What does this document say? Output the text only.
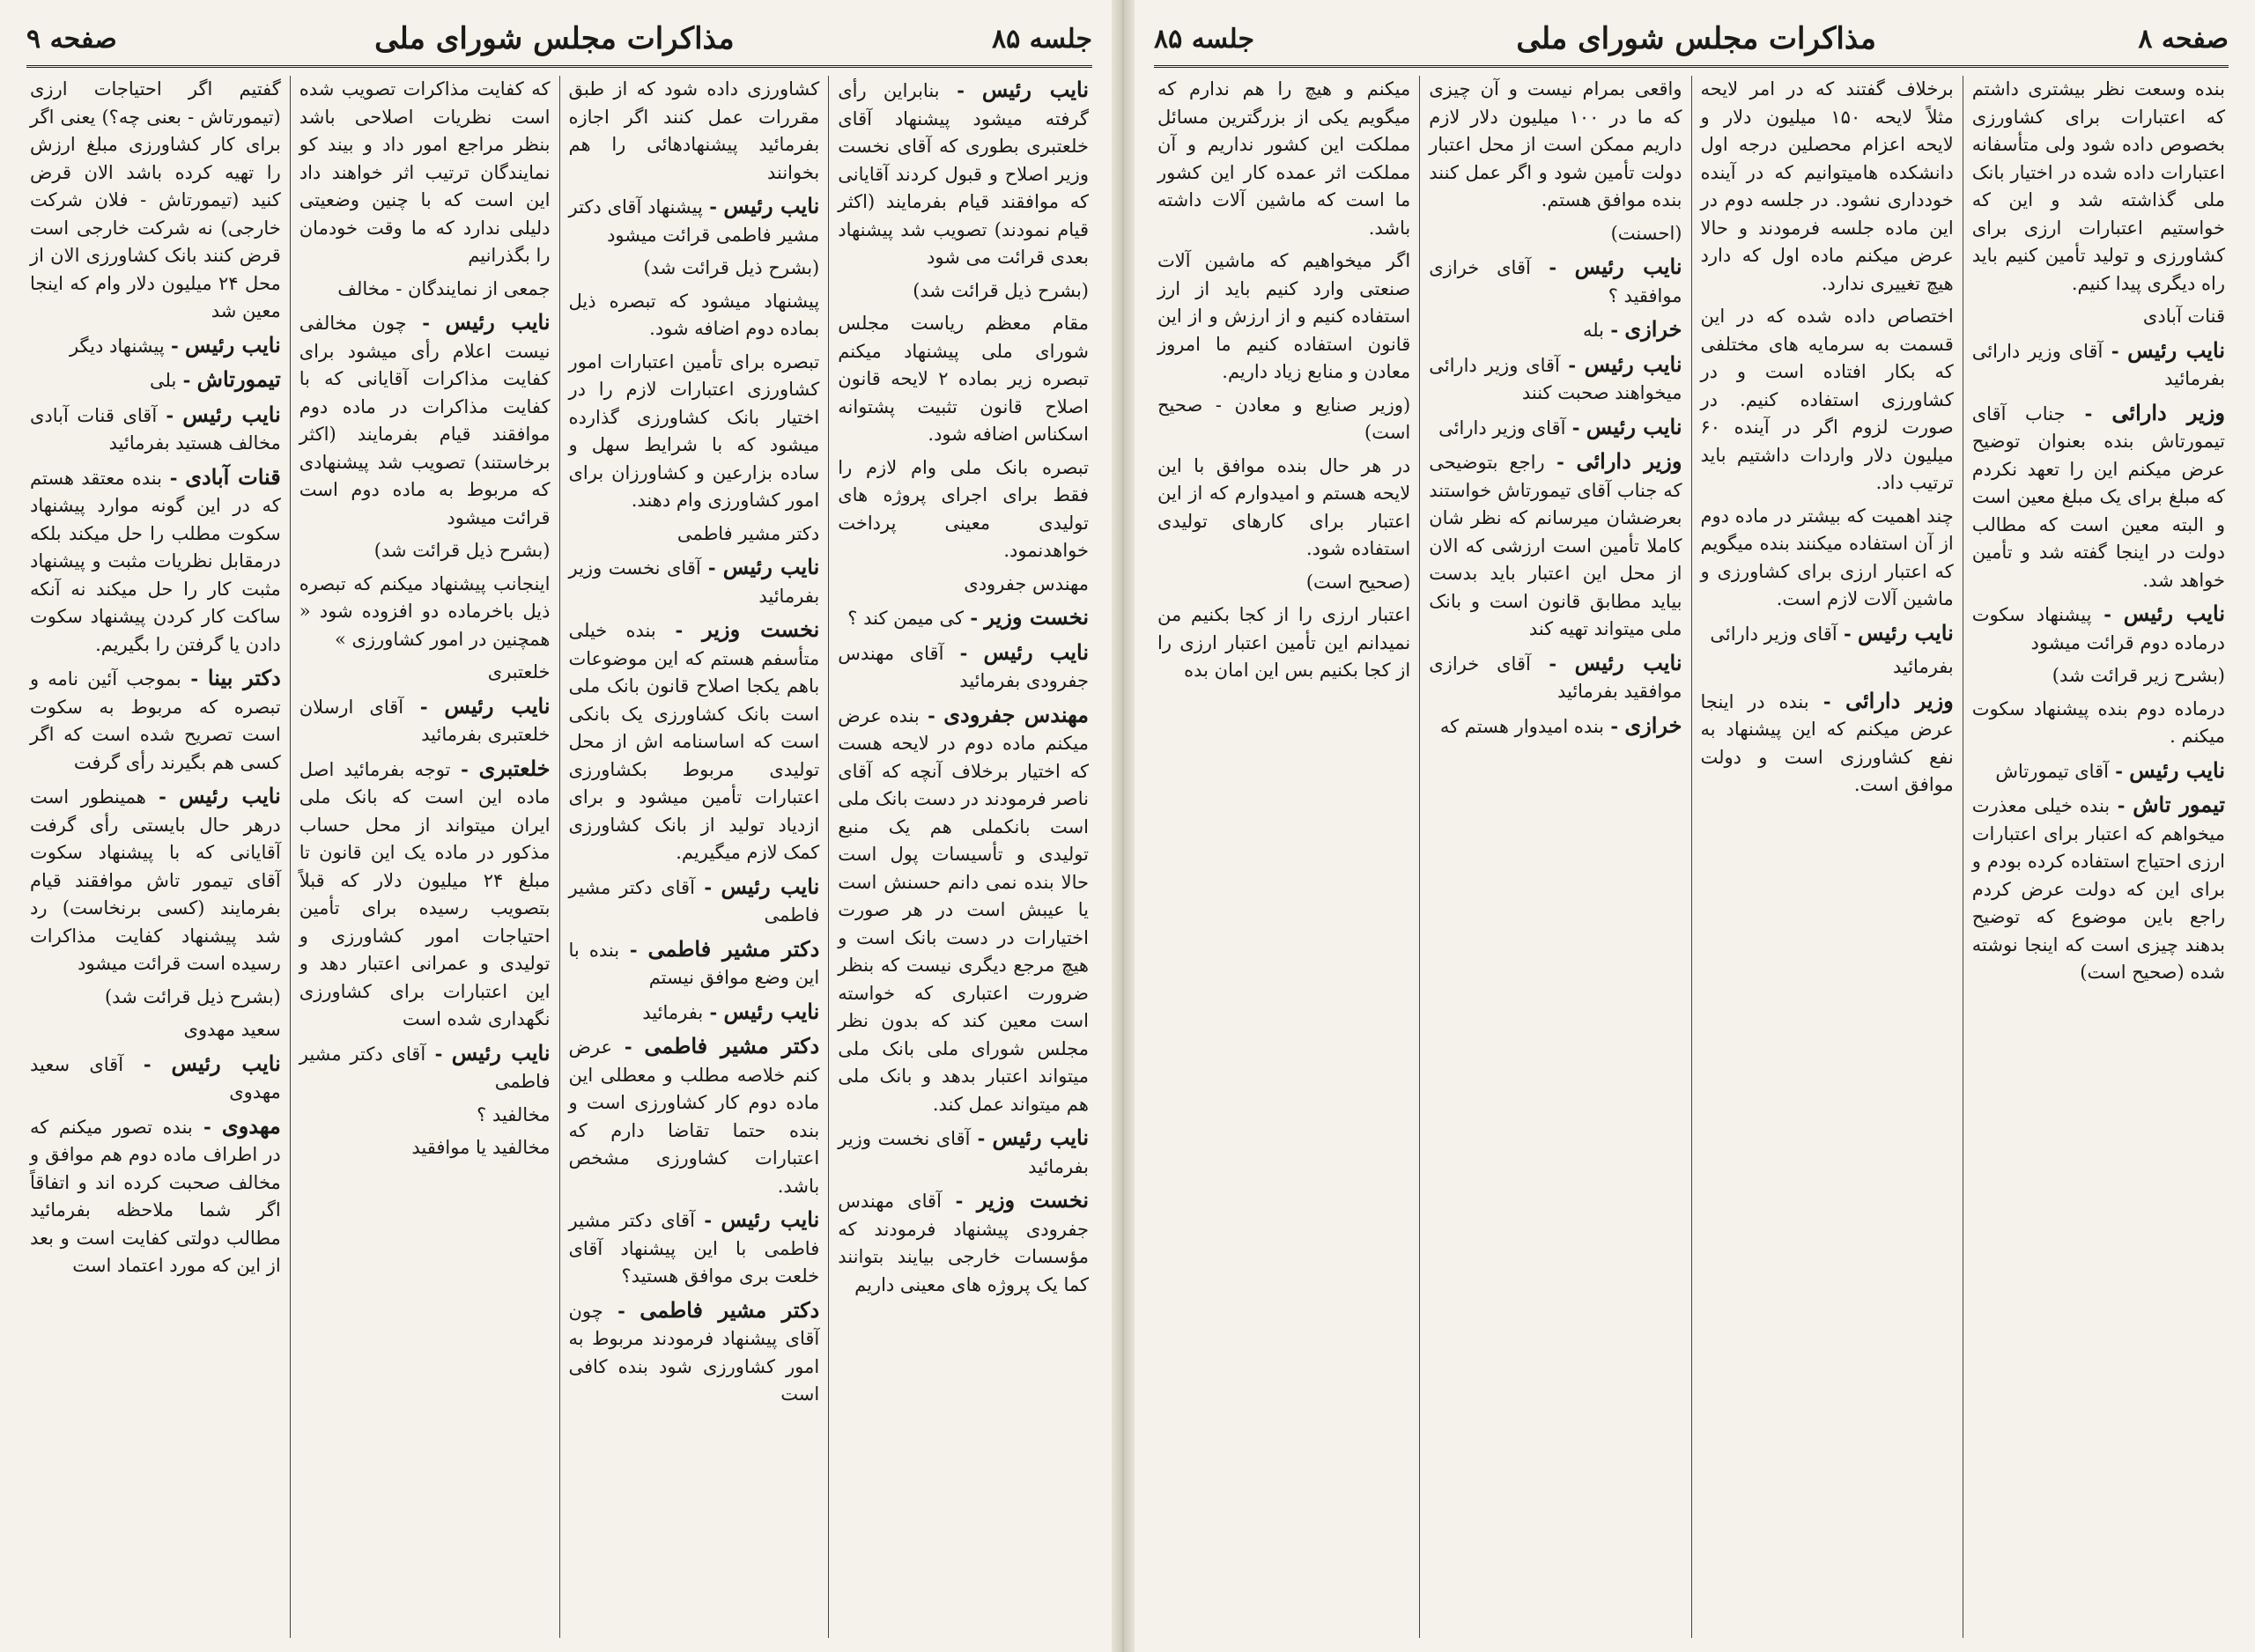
جلسه ۸۵
مذاکرات مجلس شورای ملی
صفحه ۹

نایب رئیس - بنابراین رأی گرفته میشود پیشنهاد آقای خلعتبری بطوری که آقای نخست وزیر اصلاح و قبول کردند آقایانی که موافقند قیام بفرمایند (اکثر قیام نمودند) تصویب شد پیشنهاد بعدی قرائت می شود

(بشرح ذیل قرائت شد)

مقام معظم ریاست مجلس شورای ملی پیشنهاد میکنم تبصره زیر بماده ۲ لایحه قانون اصلاح قانون تثبیت پشتوانه اسکناس اضافه شود.

تبصره بانک ملی وام لازم را فقط برای اجرای پروژه های تولیدی معینی پرداخت خواهدنمود.

مهندس جفرودی

نخست وزیر - کی میمن کند ؟

نایب رئیس - آقای مهندس جفرودی بفرمائید

مهندس جفرودی - بنده عرض میکنم ماده دوم در لایحه هست که اختیار برخلاف آنچه که آقای ناصر فرمودند در دست بانک ملی است بانکملی هم یک منبع تولیدی و تأسیسات پول است حالا بنده نمی دانم حسنش است یا عیبش است در هر صورت اختیارات در دست بانک است و هیچ مرجع دیگری نیست که بنظر ضرورت اعتباری که خواسته است معین کند که بدون نظر مجلس شورای ملی بانک ملی میتواند اعتبار بدهد و بانک ملی هم میتواند عمل کند.

نایب رئیس - آقای نخست وزیر بفرمائید

نخست وزیر - آقای مهندس جفرودی پیشنهاد فرمودند که مؤسسات خارجی بیایند بتوانند کما یک پروژه های معینی داریم

کشاورزی داده شود که از طبق مقررات عمل کنند اگر اجازه بفرمائید پیشنهادهائی را هم بخوانند

نایب رئیس - پیشنهاد آقای دکتر مشیر فاطمی قرائت میشود

(بشرح ذیل قرائت شد)

پیشنهاد میشود که تبصره ذیل بماده دوم اضافه شود.

تبصره برای تأمین اعتبارات امور کشاورزی اعتبارات لازم را در اختیار بانک کشاورزی گذارده میشود که با شرایط سهل و ساده بزارعین و کشاورزان برای امور کشاورزی وام دهند.

دکتر مشیر فاطمی

نایب رئیس - آقای نخست وزیر بفرمائید

نخست وزیر - بنده خیلی متأسفم هستم که این موضوعات باهم یکجا اصلاح قانون بانک ملی است بانک کشاورزی یک بانکی است که اساسنامه اش از محل تولیدی مربوط بکشاورزی اعتبارات تأمین میشود و برای ازدیاد تولید از بانک کشاورزی کمک لازم میگیریم.

نایب رئیس - آقای دکتر مشیر فاطمی

دکتر مشیر فاطمی - بنده با این وضع موافق نیستم

نایب رئیس - بفرمائید

دکتر مشیر فاطمی - عرض کنم خلاصه مطلب و معطلی این ماده دوم کار کشاورزی است و بنده حتما تقاضا دارم که اعتبارات کشاورزی مشخص باشد.

نایب رئیس - آقای دکتر مشیر فاطمی با این پیشنهاد آقای خلعت بری موافق هستید؟

دکتر مشیر فاطمی - چون آقای پیشنهاد فرمودند مربوط به امور کشاورزی شود بنده کافی است

که کفایت مذاکرات تصویب شده است نظریات اصلاحی باشد بنظر مراجع امور داد و بیند کو نمایندگان ترتیب اثر خواهند داد این است که با چنین وضعیتی دلیلی ندارد که ما وقت خودمان را بگذرانیم

جمعی از نمایندگان - مخالف

نایب رئیس - چون مخالفی نیست اعلام رأی میشود برای کفایت مذاکرات آقایانی که با کفایت مذاکرات در ماده دوم موافقند قیام بفرمایند (اکثر برخاستند) تصویب شد پیشنهادی که مربوط به ماده دوم است قرائت میشود

(بشرح ذیل قرائت شد)

اینجانب پیشنهاد میکنم که تبصره ذیل باخرماده دو افزوده شود « همچنین در امور کشاورزی »

خلعتبری

نایب رئیس - آقای ارسلان خلعتبری بفرمائید

خلعتبری - توجه بفرمائید اصل ماده این است که بانک ملی ایران میتواند از محل حساب مذکور در ماده یک این قانون تا مبلغ ۲۴ میلیون دلار که قبلاً بتصویب رسیده برای تأمین احتیاجات امور کشاورزی و تولیدی و عمرانی اعتبار دهد و این اعتبارات برای کشاورزی نگهداری شده است

نایب رئیس - آقای دکتر مشیر فاطمی

مخالفید ؟

مخالفید یا موافقید

گفتیم اگر احتیاجات ارزی (تیمورتاش - بعنی چه؟) یعنی اگر برای کار کشاورزی مبلغ ارزش را تهیه کرده باشد الان قرض کنید (تیمورتاش - فلان شرکت خارجی) نه شرکت خارجی است قرض کنند بانک کشاورزی الان از محل ۲۴ میلیون دلار وام که اینجا معین شد

نایب رئیس - پیشنهاد دیگر

تیمورتاش - بلی

نایب رئیس - آقای قنات آبادی مخالف هستید بفرمائید

قنات آبادی - بنده معتقد هستم که در این گونه موارد پیشنهاد سکوت مطلب را حل میکند بلکه درمقابل نظریات مثبت و پیشنهاد مثبت کار را حل میکند نه آنکه ساکت کار کردن پیشنهاد سکوت دادن یا گرفتن را بگیریم.

دکتر بینا - بموجب آئین نامه و تبصره که مربوط به سکوت است تصریح شده است که اگر کسی هم بگیرند رأی گرفت

نایب رئیس - همینطور است درهر حال بایستی رأی گرفت آقایانی که با پیشنهاد سکوت آقای تیمور تاش موافقند قیام بفرمایند (کسی برنخاست) رد شد پیشنهاد کفایت مذاکرات رسیده است قرائت میشود

(بشرح ذیل قرائت شد)

سعید مهدوی

نایب رئیس - آقای سعید مهدوی

مهدوی - بنده تصور میکنم که در اطراف ماده دوم هم موافق و مخالف صحبت کرده اند و اتفاقاً اگر شما ملاحظه بفرمائید مطالب دولتی کفایت است و بعد از این که مورد اعتماد است

صفحه ۸
مذاکرات مجلس شورای ملی
جلسه ۸۵

بنده وسعت نظر بیشتری داشتم که اعتبارات برای کشاورزی بخصوص داده شود ولی متأسفانه اعتبارات داده شده در اختیار بانک ملی گذاشته شد و این که خواستیم اعتبارات ارزی برای کشاورزی و تولید تأمین کنیم باید راه دیگری پیدا کنیم.

قنات آبادی

نایب رئیس - آقای وزیر دارائی بفرمائید

وزیر دارائی - جناب آقای تیمورتاش بنده بعنوان توضیح عرض میکنم این را تعهد نکردم که مبلغ برای یک مبلغ معین است و البته معین است که مطالب دولت در اینجا گفته شد و تأمین خواهد شد.

نایب رئیس - پیشنهاد سکوت درماده دوم قرائت میشود

(بشرح زیر قرائت شد)

درماده دوم بنده پیشنهاد سکوت میکنم .

نایب رئیس - آقای تیمورتاش

تیمور تاش - بنده خیلی معذرت میخواهم که اعتبار برای اعتبارات ارزی احتیاج استفاده کرده بودم و برای این که دولت عرض کردم راجع باین موضوع که توضیح بدهند چیزی است که اینجا نوشته شده (صحیح است)

برخلاف گفتند که در امر لایحه مثلاً لایحه ۱۵۰ میلیون دلار و لایحه اعزام محصلین درجه اول دانشکده هامیتوانیم که در آینده خودداری نشود. در جلسه دوم در این ماده جلسه فرمودند و حالا عرض میکنم ماده اول که دارد هیچ تغییری ندارد.

اختصاص داده شده که در این قسمت به سرمایه های مختلفی که بکار افتاده است و در کشاورزی استفاده کنیم. در صورت لزوم اگر در آینده ۶۰ میلیون دلار واردات داشتیم باید ترتیب داد.

چند اهمیت که بیشتر در ماده دوم از آن استفاده میکنند بنده میگویم که اعتبار ارزی برای کشاورزی و ماشین آلات لازم است.

نایب رئیس - آقای وزیر دارائی

بفرمائید

وزیر دارائی - بنده در اینجا عرض میکنم که این پیشنهاد به نفع کشاورزی است و دولت موافق است.

واقعی بمرام نیست و آن چیزی که ما در ۱۰۰ میلیون دلار لازم داریم ممکن است از محل اعتبار دولت تأمین شود و اگر عمل کنند بنده موافق هستم.

(احسنت)

نایب رئیس - آقای خرازی موافقید ؟

خرازی - بله

نایب رئیس - آقای وزیر دارائی میخواهند صحبت کنند

نایب رئیس - آقای وزیر دارائی

وزیر دارائی - راجع بتوضیحی که جناب آقای تیمورتاش خواستند بعرضشان میرسانم که نظر شان کاملا تأمین است ارزشی که الان از محل این اعتبار باید بدست بیاید مطابق قانون است و بانک ملی میتواند تهیه کند

نایب رئیس - آقای خرازی موافقید بفرمائید

خرازی - بنده امیدوار هستم که

میکنم و هیچ را هم ندارم که میگویم یکی از بزرگترین مسائل مملکت این کشور نداریم و آن مملکت اثر عمده کار این کشور ما است که ماشین آلات داشته باشد.

اگر میخواهیم که ماشین آلات صنعتی وارد کنیم باید از ارز استفاده کنیم و از ارزش و از این قانون استفاده کنیم ما امروز معادن و منابع زیاد داریم.

(وزیر صنایع و معادن - صحیح است)

در هر حال بنده موافق با این لایحه هستم و امیدوارم که از این اعتبار برای کارهای تولیدی استفاده شود.

(صحیح است)

اعتبار ارزی را از کجا بکنیم من نمیدانم این تأمین اعتبار ارزی را از کجا بکنیم بس این امان بده
